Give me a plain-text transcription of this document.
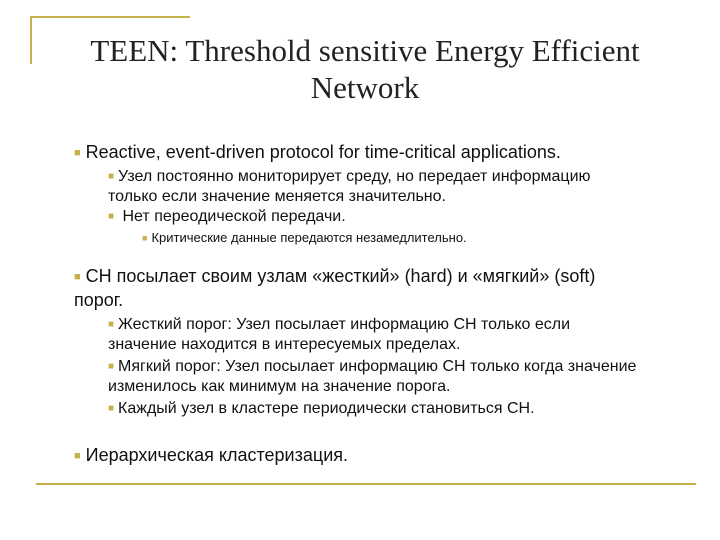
TEEN: Threshold sensitive Energy Efficient Network
■ Reactive, event-driven protocol for time-critical applications.
■ Узел постоянно мониторирует среду, но передает информацию только если значение меняется значительно.
■ Нет переодической передачи.
■ Критические данные передаются незамедлительно.
■ CH посылает своим узлам «жесткий» (hard) и «мягкий» (soft) порог.
■ Жесткий порог: Узел посылает информацию CH только если значение находится в интересуемых пределах.
■ Мягкий порог: Узел посылает информацию CH только когда значение изменилось как минимум на значение порога.
■ Каждый узел в кластере периодически становиться CH.
■ Иерархическая кластеризация.
